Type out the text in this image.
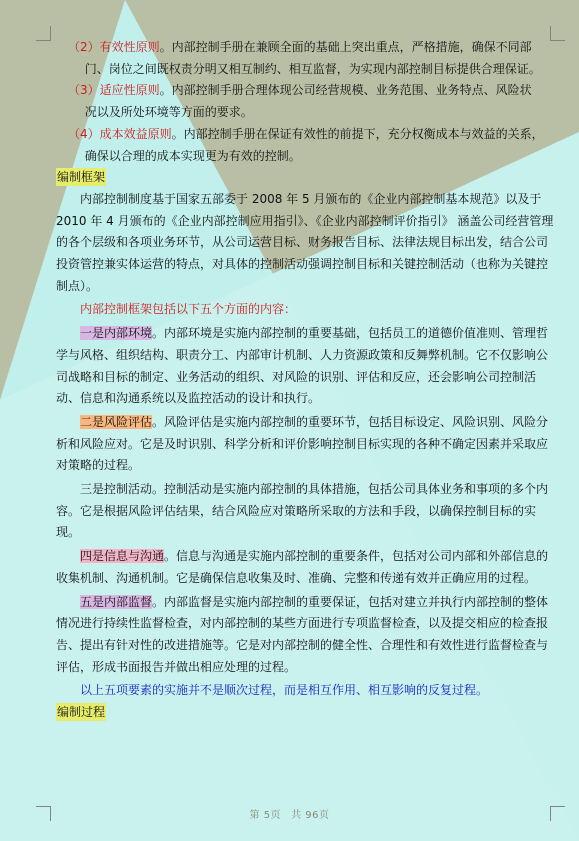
（2）有效性原则。内部控制手册在兼顾全面的基础上突出重点，严格措施，确保不同部
门、岗位之间既权责分明又相互制约、相互监督，为实现内部控制目标提供合理保证。

（3）适应性原则。内部控制手册合理体现公司经营规模、业务范围、业务特点、风险状
况以及所处环境等方面的要求。

（4）成本效益原则。内部控制手册在保证有效性的前提下，充分权衡成本与效益的关系，
确保以合理的成本实现更为有效的控制。

编制框架

内部控制制度基于国家五部委于 2008 年 5 月颁布的《企业内部控制基本规范》以及于 2010 年 4 月颁布的《企业内部控制应用指引》、《企业内部控制评价指引》 涵盖公司经营管理的各个层级和各项业务环节，从公司运营目标、财务报告目标、法律法规目标出发，结合公司投资管控兼实体运营的特点，对具体的控制活动强调控制目标和关键控制活动（也称为关键控制点）。

内部控制框架包括以下五个方面的内容：

一是内部环境。内部环境是实施内部控制的重要基础，包括员工的道德价值准则、管理哲学与风格、组织结构、职责分工、内部审计机制、人力资源政策和反舞弊机制。它不仅影响公司战略和目标的制定、业务活动的组织、对风险的识别、评估和反应，还会影响公司控制活动、信息和沟通系统以及监控活动的设计和执行。

二是风险评估。风险评估是实施内部控制的重要环节，包括目标设定、风险识别、风险分析和风险应对。它是及时识别、科学分析和评价影响控制目标实现的各种不确定因素并采取应对策略的过程。

三是控制活动。控制活动是实施内部控制的具体措施，包括公司具体业务和事项的多个内容。它是根据风险评估结果，结合风险应对策略所采取的方法和手段，以确保控制目标的实现。

四是信息与沟通。信息与沟通是实施内部控制的重要条件，包括对公司内部和外部信息的收集机制、沟通机制。它是确保信息收集及时、准确、完整和传递有效并正确应用的过程。

五是内部监督。内部监督是实施内部控制的重要保证，包括对建立并执行内部控制的整体情况进行持续性监督检查，对内部控制的某些方面进行专项监督检查，以及提交相应的检查报告、提出有针对性的改进措施等。它是对内部控制的健全性、合理性和有效性进行监督检查与评估，形成书面报告并做出相应处理的过程。

以上五项要素的实施并不是顺次过程，而是相互作用、相互影响的反复过程。

编制过程

第 5页 共 96页
